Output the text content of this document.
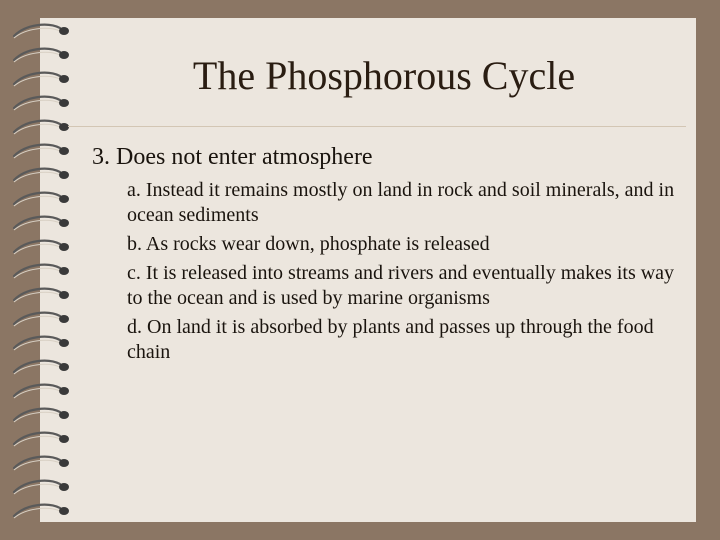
The Phosphorous Cycle
3. Does not enter atmosphere
a. Instead it remains mostly on land in rock and soil minerals, and in ocean sediments
b. As rocks wear down, phosphate is released
c. It is released into streams and rivers and eventually makes its way to the ocean and is used by marine organisms
d. On land it is absorbed by plants and passes up through the food chain
